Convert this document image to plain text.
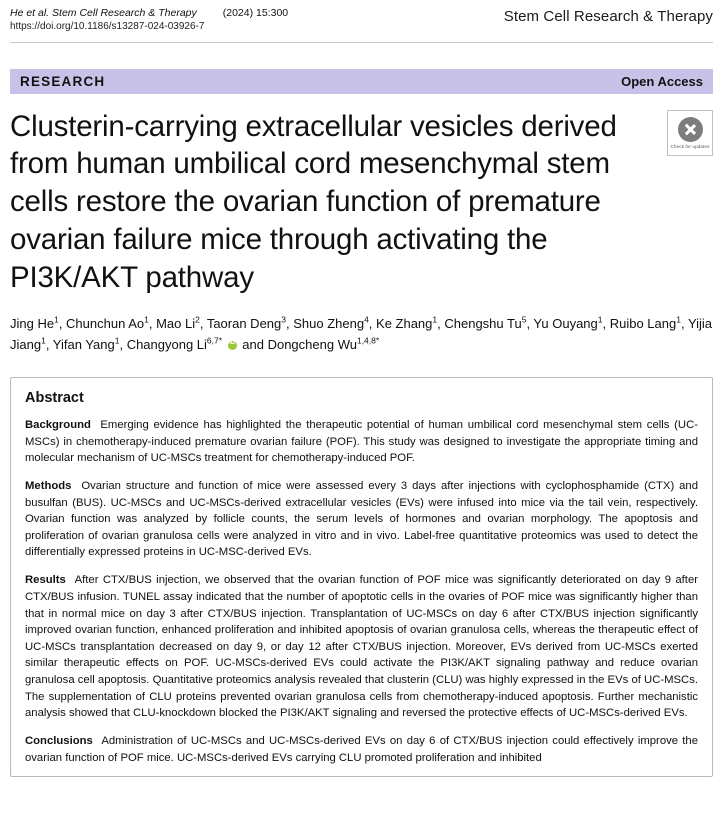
He et al. Stem Cell Research & Therapy (2024) 15:300
https://doi.org/10.1186/s13287-024-03926-7
Stem Cell Research & Therapy
RESEARCH	Open Access
Clusterin-carrying extracellular vesicles derived from human umbilical cord mesenchymal stem cells restore the ovarian function of premature ovarian failure mice through activating the PI3K/AKT pathway
Check for updates
Jing He$^1$, Chunchun Ao$^1$, Mao Li$^2$, Taoran Deng$^3$, Shuo Zheng$^4$, Ke Zhang$^1$, Chengshu Tu$^5$, Yu Ouyang$^1$, Ruibo Lang$^1$, Yijia Jiang$^1$, Yifan Yang$^1$, Changyong $Li^{6,7*}$ iD and Dongcheng $Wu^{1,4,8*}$
Abstract

Background  Emerging evidence has highlighted the therapeutic potential of human umbilical cord mesenchymal stem cells (UC-MSCs) in chemotherapy-induced premature ovarian failure (POF). This study was designed to investigate the appropriate timing and molecular mechanism of UC-MSCs treatment for chemotherapy-induced POF.

Methods  Ovarian structure and function of mice were assessed every 3 days after injections with cyclophosphamide (CTX) and busulfan (BUS). UC-MSCs and UC-MSCs-derived extracellular vesicles (EVs) were infused into mice via the tail vein, respectively. Ovarian function was analyzed by follicle counts, the serum levels of hormones and ovarian morphology. The apoptosis and proliferation of ovarian granulosa cells were analyzed in vitro and in vivo. Label-free quantitative proteomics was used to detect the differentially expressed proteins in UC-MSC-derived EVs.

Results  After CTX/BUS injection, we observed that the ovarian function of POF mice was significantly deteriorated on day 9 after CTX/BUS infusion. TUNEL assay indicated that the number of apoptotic cells in the ovaries of POF mice was significantly higher than that in normal mice on day 3 after CTX/BUS injection. Transplantation of UC-MSCs on day 6 after CTX/BUS injection significantly improved ovarian function, enhanced proliferation and inhibited apoptosis of ovarian granulosa cells, whereas the therapeutic effect of UC-MSCs transplantation decreased on day 9, or day 12 after CTX/BUS injection. Moreover, EVs derived from UC-MSCs exerted similar therapeutic effects on POF. UC-MSCs-derived EVs could activate the PI3K/AKT signaling pathway and reduce ovarian granulosa cell apoptosis. Quantitative proteomics analysis revealed that clusterin (CLU) was highly expressed in the EVs of UC-MSCs. The supplementation of CLU proteins prevented ovarian granulosa cells from chemotherapy-induced apoptosis. Further mechanistic analysis showed that CLU-knockdown blocked the PI3K/AKT signaling and reversed the protective effects of UC-MSCs-derived EVs.

Conclusions  Administration of UC-MSCs and UC-MSCs-derived EVs on day 6 of CTX/BUS injection could effectively improve the ovarian function of POF mice. UC-MSCs-derived EVs carrying CLU promoted proliferation and inhibited
